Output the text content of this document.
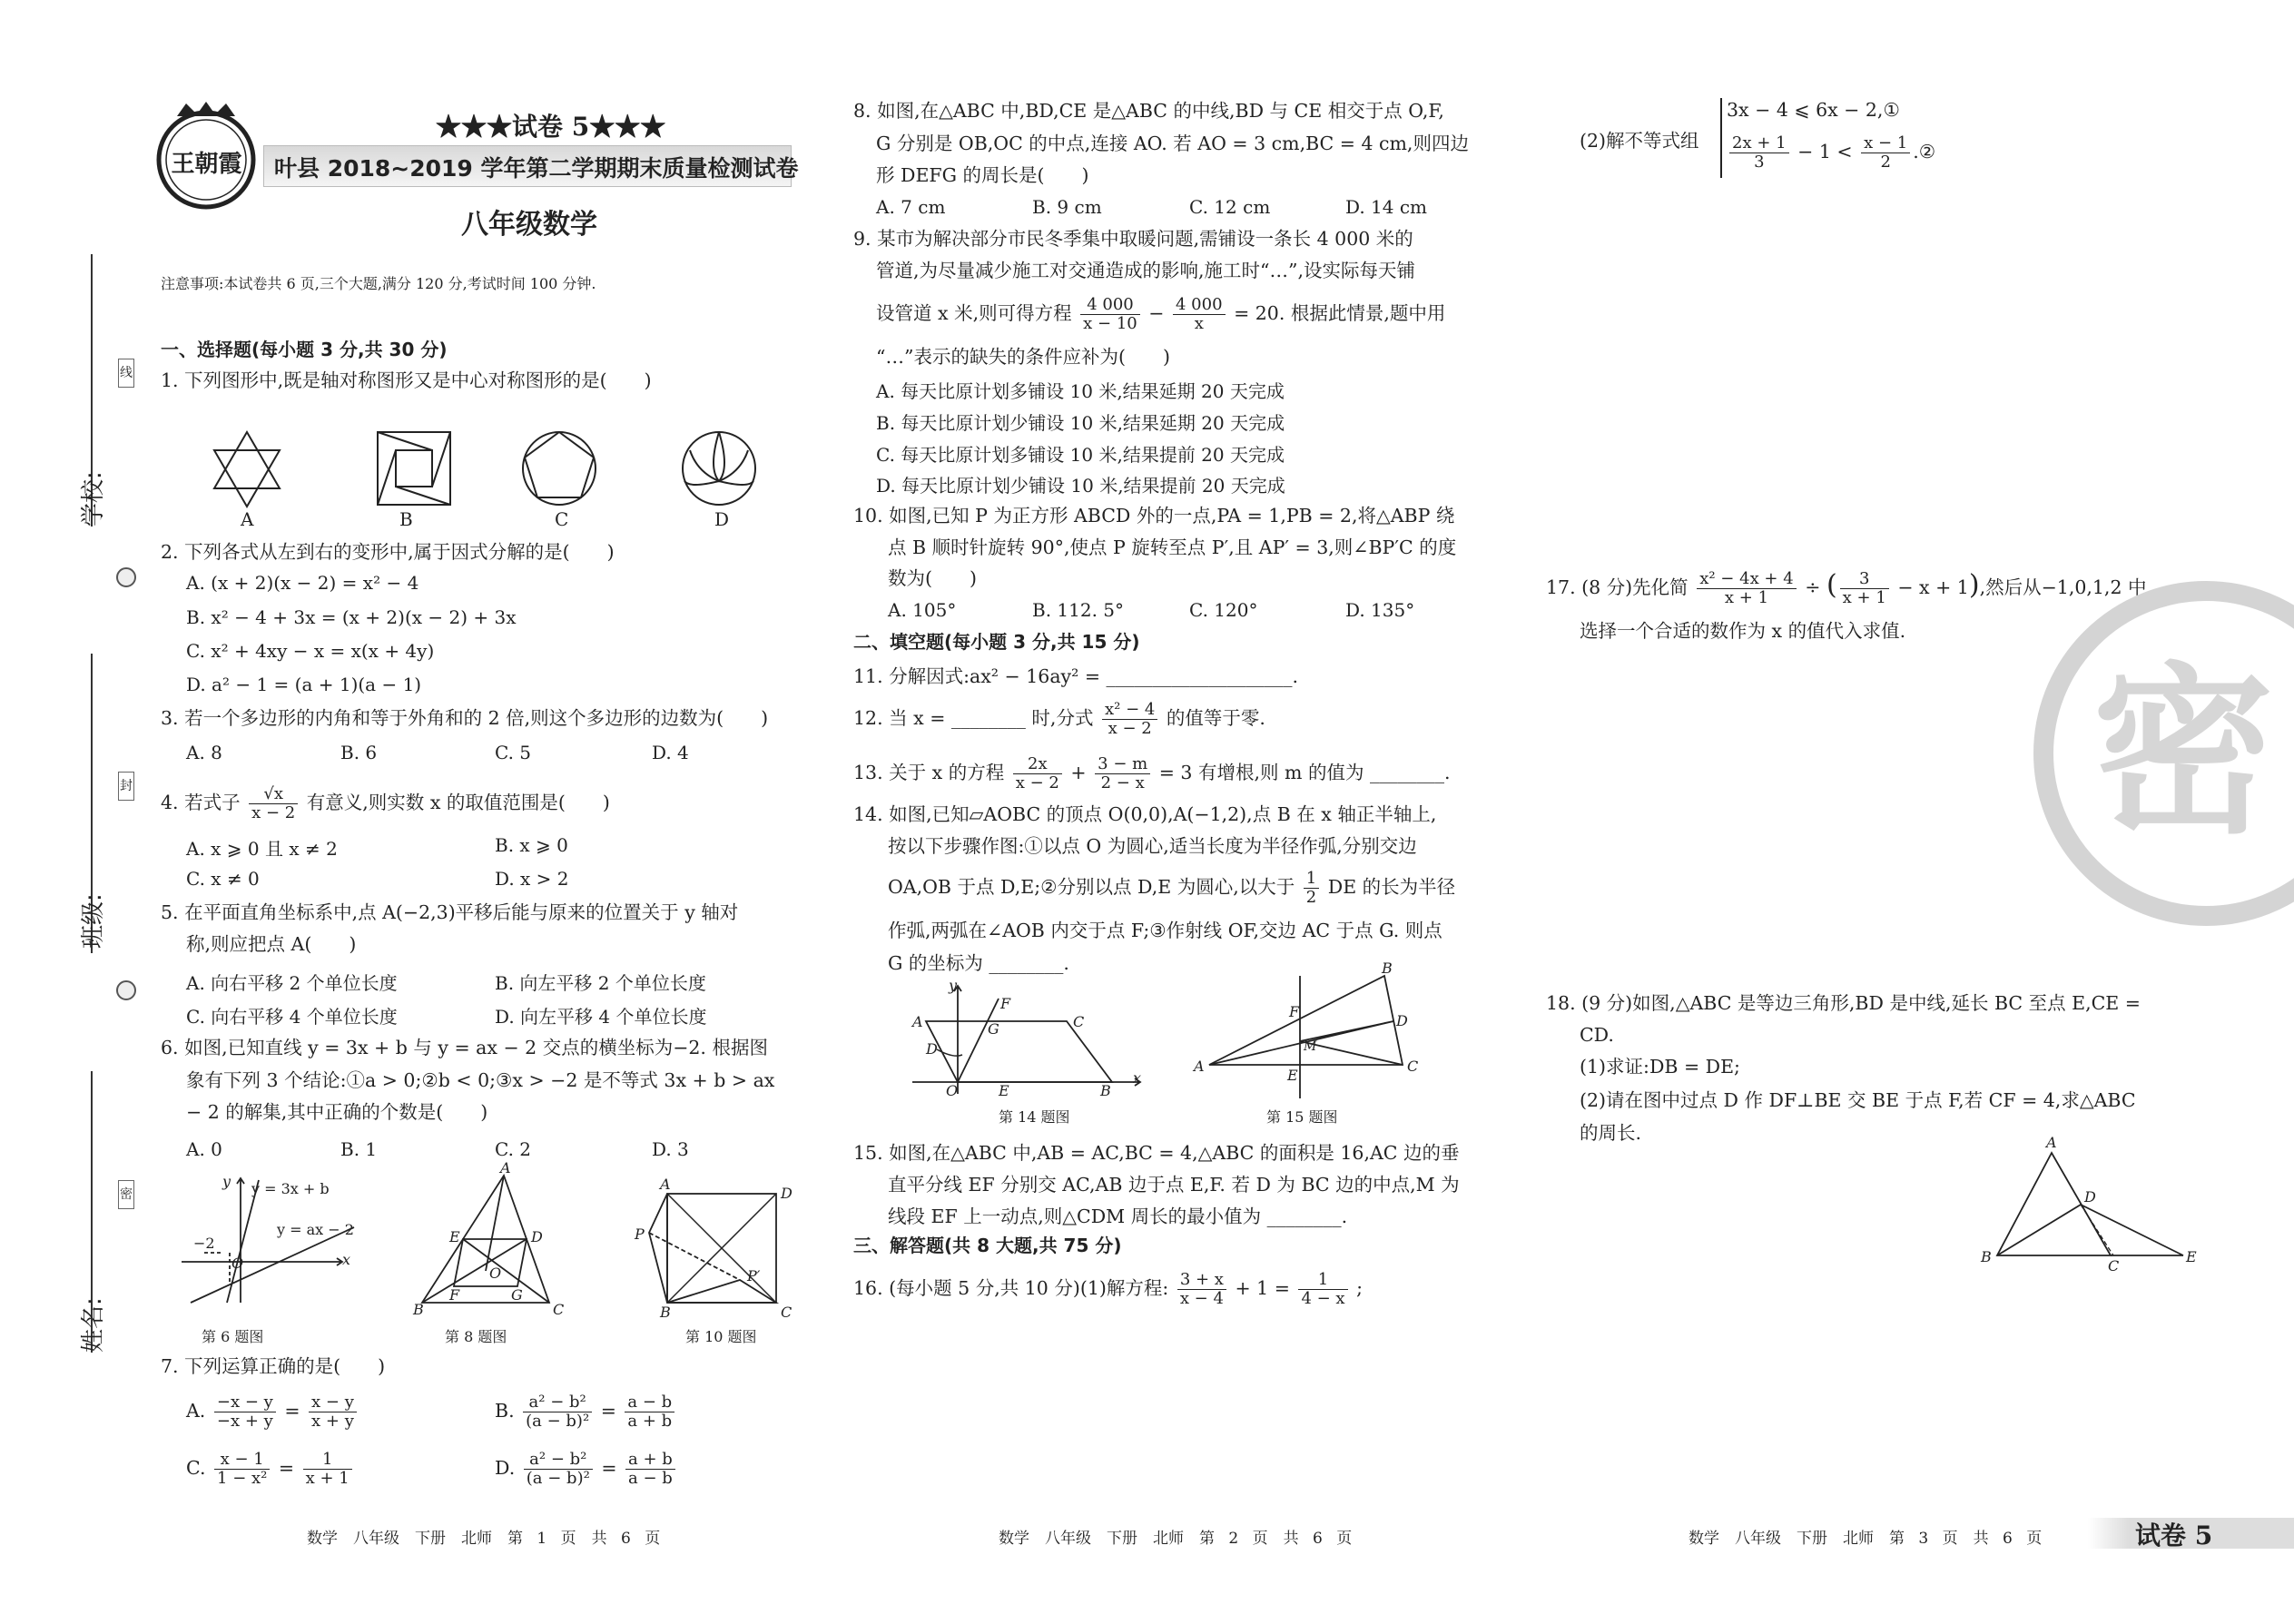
学校:
班级:
姓名:
线
封
密
王朝霞
★★★试卷 5★★★
叶县 2018~2019 学年第二学期期末质量检测试卷
八年级数学
注意事项:本试卷共 6 页,三个大题,满分 120 分,考试时间 100 分钟.
一、选择题(每小题 3 分,共 30 分)
1. 下列图形中,既是轴对称图形又是中心对称图形的是(　　)
A	B	C	D
2. 下列各式从左到右的变形中,属于因式分解的是(　　)
A. (x + 2)(x − 2) = x² − 4
B. x² − 4 + 3x = (x + 2)(x − 2) + 3x
C. x² + 4xy − x = x(x + 4y)
D. a² − 1 = (a + 1)(a − 1)
3. 若一个多边形的内角和等于外角和的 2 倍,则这个多边形的边数为(　　)
A. 8	B. 6	C. 5	D. 4
4. 若式子 $\frac{√x}{x - 2}$ 有意义,则实数 x 的取值范围是(　　)
A. x ⩾ 0 且 x ≠ 2	B. x ⩾ 0
C. x ≠ 0	D. x > 2
5. 在平面直角坐标系中,点 A(−2,3)平移后能与原来的位置关于 y 轴对
称,则应把点 A(　　)
A. 向右平移 2 个单位长度	B. 向左平移 2 个单位长度
C. 向右平移 4 个单位长度	D. 向左平移 4 个单位长度
6. 如图,已知直线 y = 3x + b 与 y = ax − 2 交点的横坐标为−2. 根据图
象有下列 3 个结论:①a > 0;②b < 0;③x > −2 是不等式 3x + b > ax
− 2 的解集,其中正确的个数是(　　)
A. 0	B. 1	C. 2	D. 3
y = 3x + b
y = ax − 2
−2
O	x
y
第 6 题图
A
E	D
O
B
F	G
C
第 8 题图
A
D
P
P′
B	C
第 10 题图
7. 下列运算正确的是(　　)
A. $\frac{-x - y}{-x + y} = \frac{x - y}{x + y}$	B. $\frac{\text{a² − b²}}{\text{(a − b)²}} = \frac{a - b}{a + b}$
C. $\frac{x - 1}{\text{1 − x²}} = \frac{1}{x + 1}$	D. $\frac{\text{a² − b²}}{\text{(a − b)²}} = \frac{a + b}{a - b}$
数学　八年级　下册　北师　第 1 页　共 6 页
8. 如图,在△ABC 中,BD,CE 是△ABC 的中线,BD 与 CE 相交于点 O,F,
G 分别是 OB,OC 的中点,连接 AO. 若 AO = 3 cm,BC = 4 cm,则四边
形 DEFG 的周长是(　　)
A. 7 cm	B. 9 cm	C. 12 cm	D. 14 cm
9. 某市为解决部分市民冬季集中取暖问题,需铺设一条长 4 000 米的
管道,为尽量减少施工对交通造成的影响,施工时“…”,设实际每天铺
设管道 x 米,则可得方程 $\frac{4 000}{x - 10} - \frac{4 000}{x} = 20$. 根据此情景,题中用
“…”表示的缺失的条件应补为(　　)
A. 每天比原计划多铺设 10 米,结果延期 20 天完成
B. 每天比原计划少铺设 10 米,结果延期 20 天完成
C. 每天比原计划多铺设 10 米,结果提前 20 天完成
D. 每天比原计划少铺设 10 米,结果提前 20 天完成
10. 如图,已知 P 为正方形 ABCD 外的一点,PA = 1,PB = 2,将△ABP 绕
点 B 顺时针旋转 90°,使点 P 旋转至点 P′,且 AP′ = 3,则∠BP′C 的度
数为(　　)
A. 105°	B. 112. 5°	C. 120°	D. 135°
二、填空题(每小题 3 分,共 15 分)
11. 分解因式:ax² − 16ay² = ____________________.
12. 当 x = ________ 时,分式 $\frac{\text{x² − 4}}{x - 2}$ 的值等于零.
13. 关于 x 的方程 $\frac{2x}{x - 2} + \frac{3 - m}{2 - x} = 3$ 有增根,则 m 的值为 ________.
14. 如图,已知▱AOBC 的顶点 O(0,0),A(−1,2),点 B 在 x 轴正半轴上,
按以下步骤作图:①以点 O 为圆心,适当长度为半径作弧,分别交边
OA,OB 于点 D,E;②分别以点 D,E 为圆心,以大于 $\frac{1}{2}$ DE 的长为半径
作弧,两弧在∠AOB 内交于点 F;③作射线 OF,交边 AC 于点 G. 则点
G 的坐标为 ________.
y
A
F
C
D
G
O	E	B
x
第 14 题图
B
F
D
M
A	C
E
第 15 题图
15. 如图,在△ABC 中,AB = AC,BC = 4,△ABC 的面积是 16,AC 边的垂
直平分线 EF 分别交 AC,AB 边于点 E,F. 若 D 为 BC 边的中点,M 为
线段 EF 上一动点,则△CDM 周长的最小值为 ________.
三、解答题(共 8 大题,共 75 分)
16. (每小题 5 分,共 10 分)(1)解方程: $\frac{3 + x}{x - 4} + 1 = \frac{1}{4 - x}$ ;
数学　八年级　下册　北师　第 2 页　共 6 页
(2)解不等式组
3x − 4 ⩽ 6x − 2,①
$\frac{2x + 1}{3} - 1 < \frac{x - 1}{2}$ .②
17. (8 分)先化简 $\frac{\text{x² − 4x + 4}}{x + 1}$ ÷ ( $\frac{3}{x + 1} - x + 1$),然后从−1,0,1,2 中
选择一个合适的数作为 x 的值代入求值.
密
18. (9 分)如图,△ABC 是等边三角形,BD 是中线,延长 BC 至点 E,CE =
CD.
(1)求证:DB = DE;
(2)请在图中过点 D 作 DF⊥BE 交 BE 于点 F,若 CF = 4,求△ABC
的周长.	A
D
B
C
E
数学　八年级　下册　北师　第 3 页　共 6 页	试卷 5
